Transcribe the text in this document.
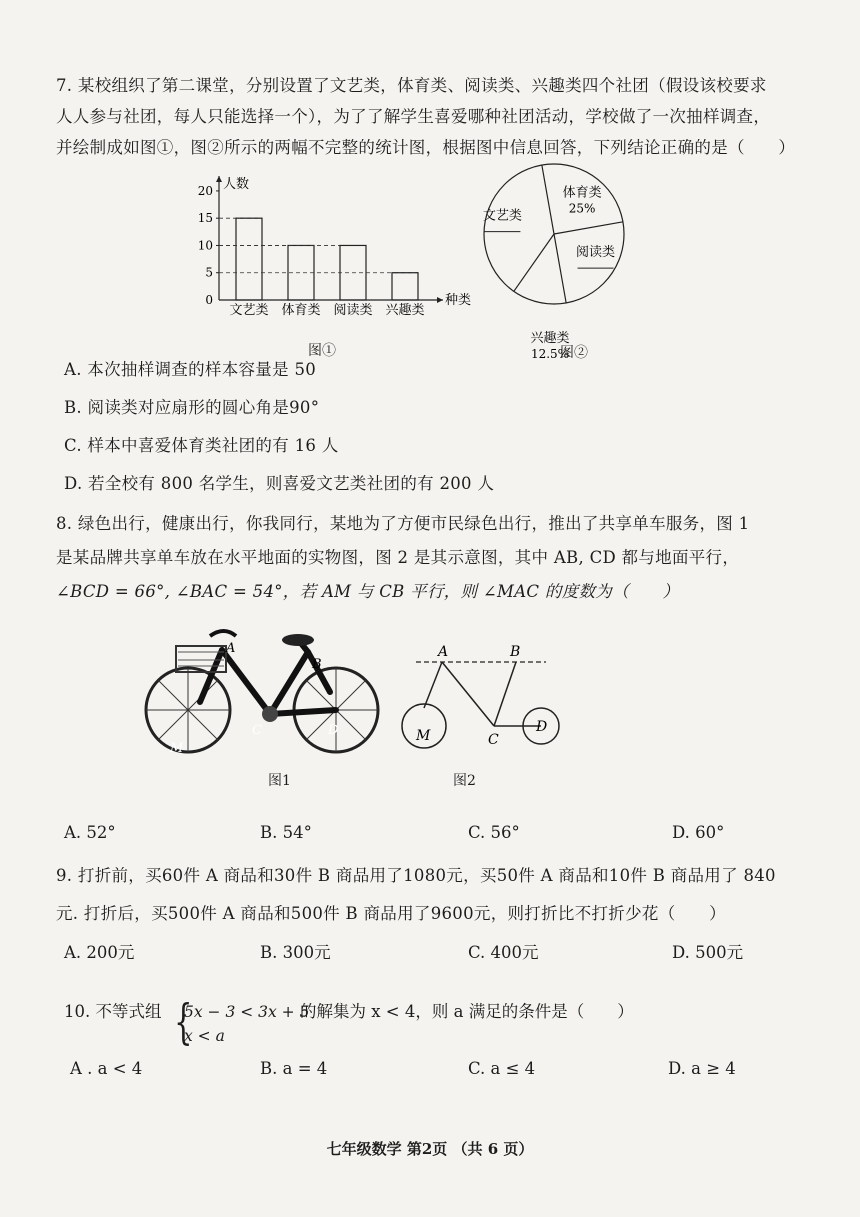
7. 某校组织了第二课堂，分别设置了文艺类，体育类、阅读类、兴趣类四个社团（假设该校要求
人人参与社团，每人只能选择一个），为了了解学生喜爱哪种社团活动，学校做了一次抽样调查，
并绘制成如图①，图②所示的两幅不完整的统计图，根据图中信息回答，下列结论正确的是（　　）
人数
种类
0
5
10
15
20
文艺类 体育类 阅读类 兴趣类
图①
体育类
25%
阅读类
兴趣类
12.5%
文艺类
图②
A. 本次抽样调查的样本容量是 50
B. 阅读类对应扇形的圆心角是90°
C. 样本中喜爱体育类社团的有 16 人
D. 若全校有 800 名学生，则喜爱文艺类社团的有 200 人
8. 绿色出行，健康出行，你我同行，某地为了方便市民绿色出行，推出了共享单车服务，图 1
是某品牌共享单车放在水平地面的实物图，图 2 是其示意图，其中 AB, CD 都与地面平行，
∠BCD = 66°, ∠BAC = 54°，若 AM 与 CB 平行，则 ∠MAC 的度数为（　　）
A
B
C	D
M
图1
A	B
C
D
M
图2
A. 52°	B. 54°	C. 56°	D. 60°
9. 打折前，买60件 A 商品和30件 B 商品用了1080元，买50件 A 商品和10件 B 商品用了 840
元. 打折后，买500件 A 商品和500件 B 商品用了9600元，则打折比不打折少花（　　）
A. 200元	B. 300元	C. 400元	D. 500元
10. 不等式组 {
5x − 3 < 3x + 5
x < a
的解集为 x < 4，则 a 满足的条件是（　　）
A . a < 4	B. a = 4	C. a ≤ 4	D. a ≥ 4
七年级数学 第2页 （共 6 页）
